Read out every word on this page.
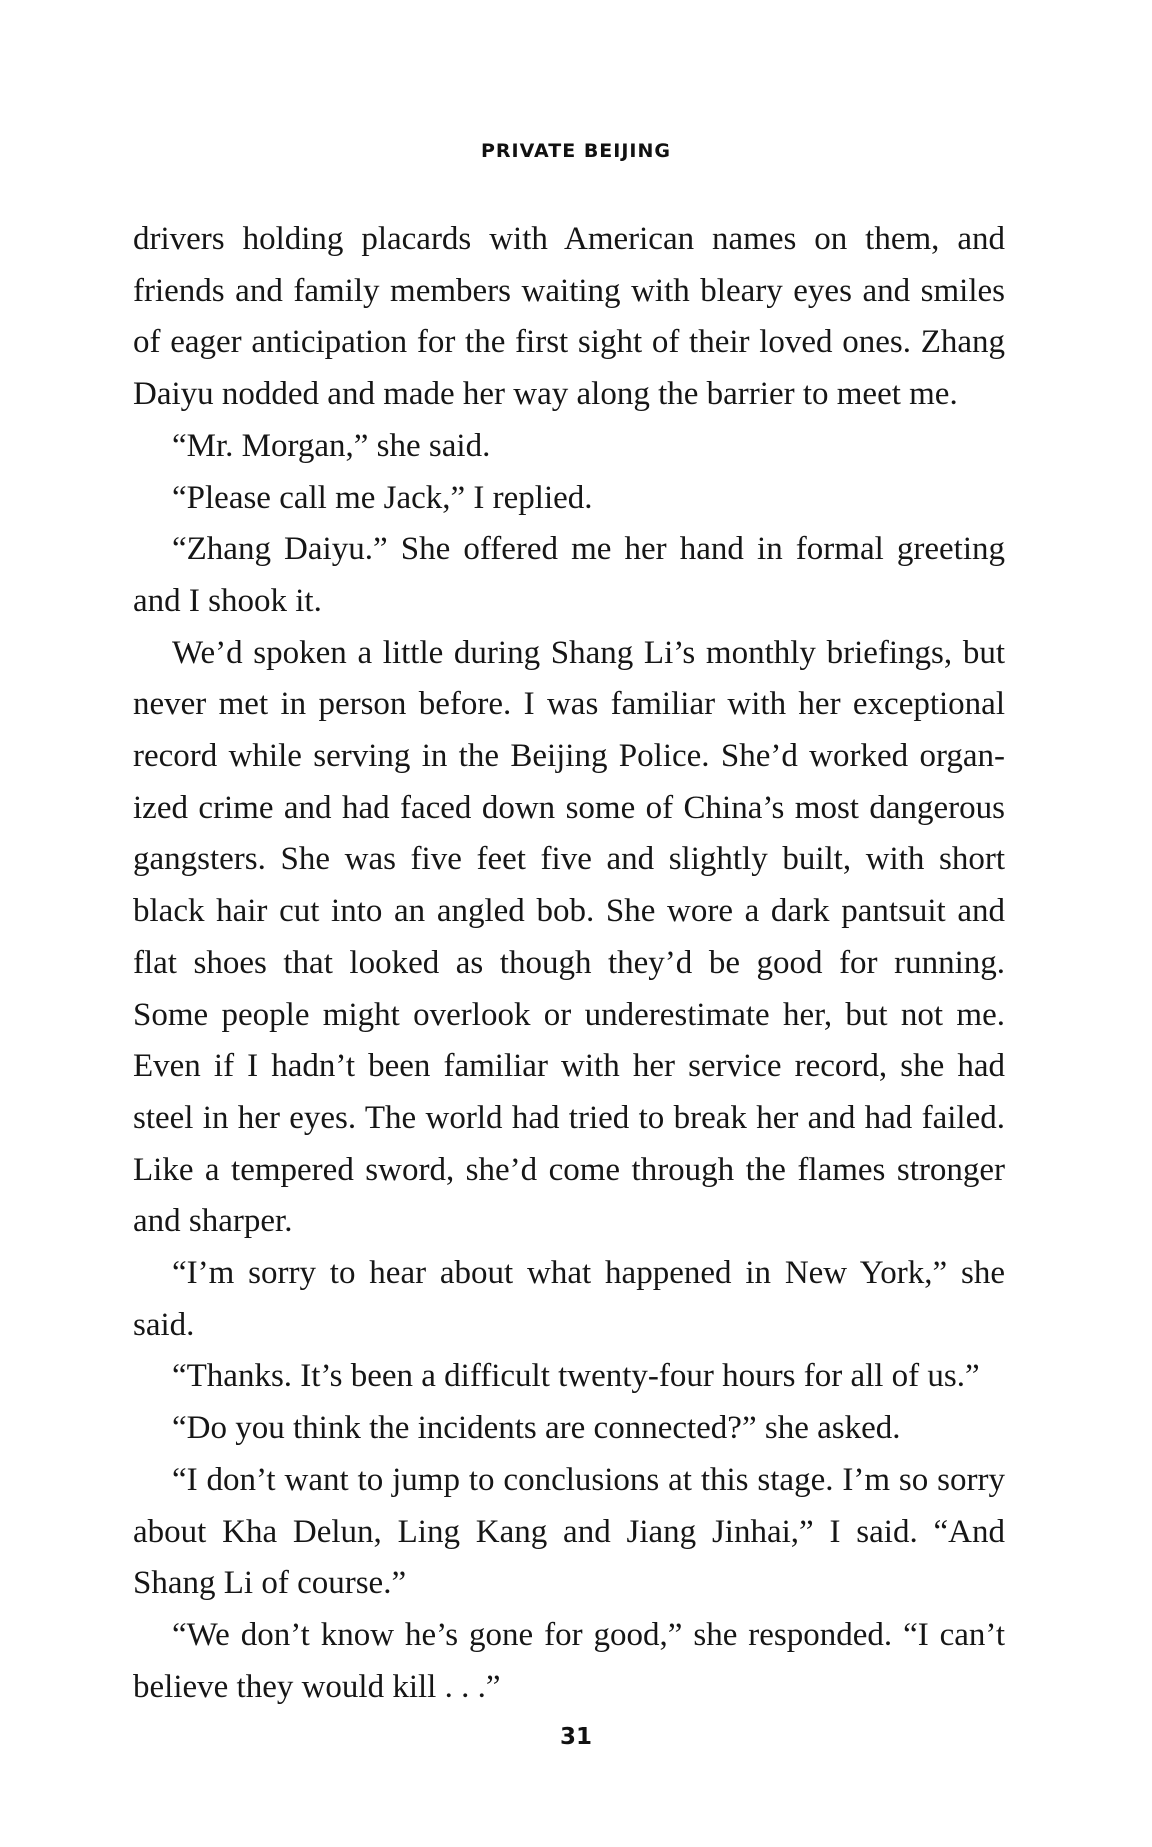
PRIVATE BEIJING

drivers holding placards with American names on them, and friends and family members waiting with bleary eyes and smiles of eager anticipation for the first sight of their loved ones. Zhang Daiyu nodded and made her way along the barrier to meet me.

“Mr. Morgan,” she said.

“Please call me Jack,” I replied.

“Zhang Daiyu.” She offered me her hand in formal greeting and I shook it.

We’d spoken a little during Shang Li’s monthly briefings, but never met in person before. I was familiar with her exceptional record while serving in the Beijing Police. She’d worked organized crime and had faced down some of China’s most dangerous gangsters. She was five feet five and slightly built, with short black hair cut into an angled bob. She wore a dark pantsuit and flat shoes that looked as though they’d be good for running. Some people might overlook or underestimate her, but not me. Even if I hadn’t been familiar with her service record, she had steel in her eyes. The world had tried to break her and had failed. Like a tempered sword, she’d come through the flames stronger and sharper.

“I’m sorry to hear about what happened in New York,” she said.

“Thanks. It’s been a difficult twenty-four hours for all of us.”

“Do you think the incidents are connected?” she asked.

“I don’t want to jump to conclusions at this stage. I’m so sorry about Kha Delun, Ling Kang and Jiang Jinhai,” I said. “And Shang Li of course.”

“We don’t know he’s gone for good,” she responded. “I can’t believe they would kill . . .”

31
